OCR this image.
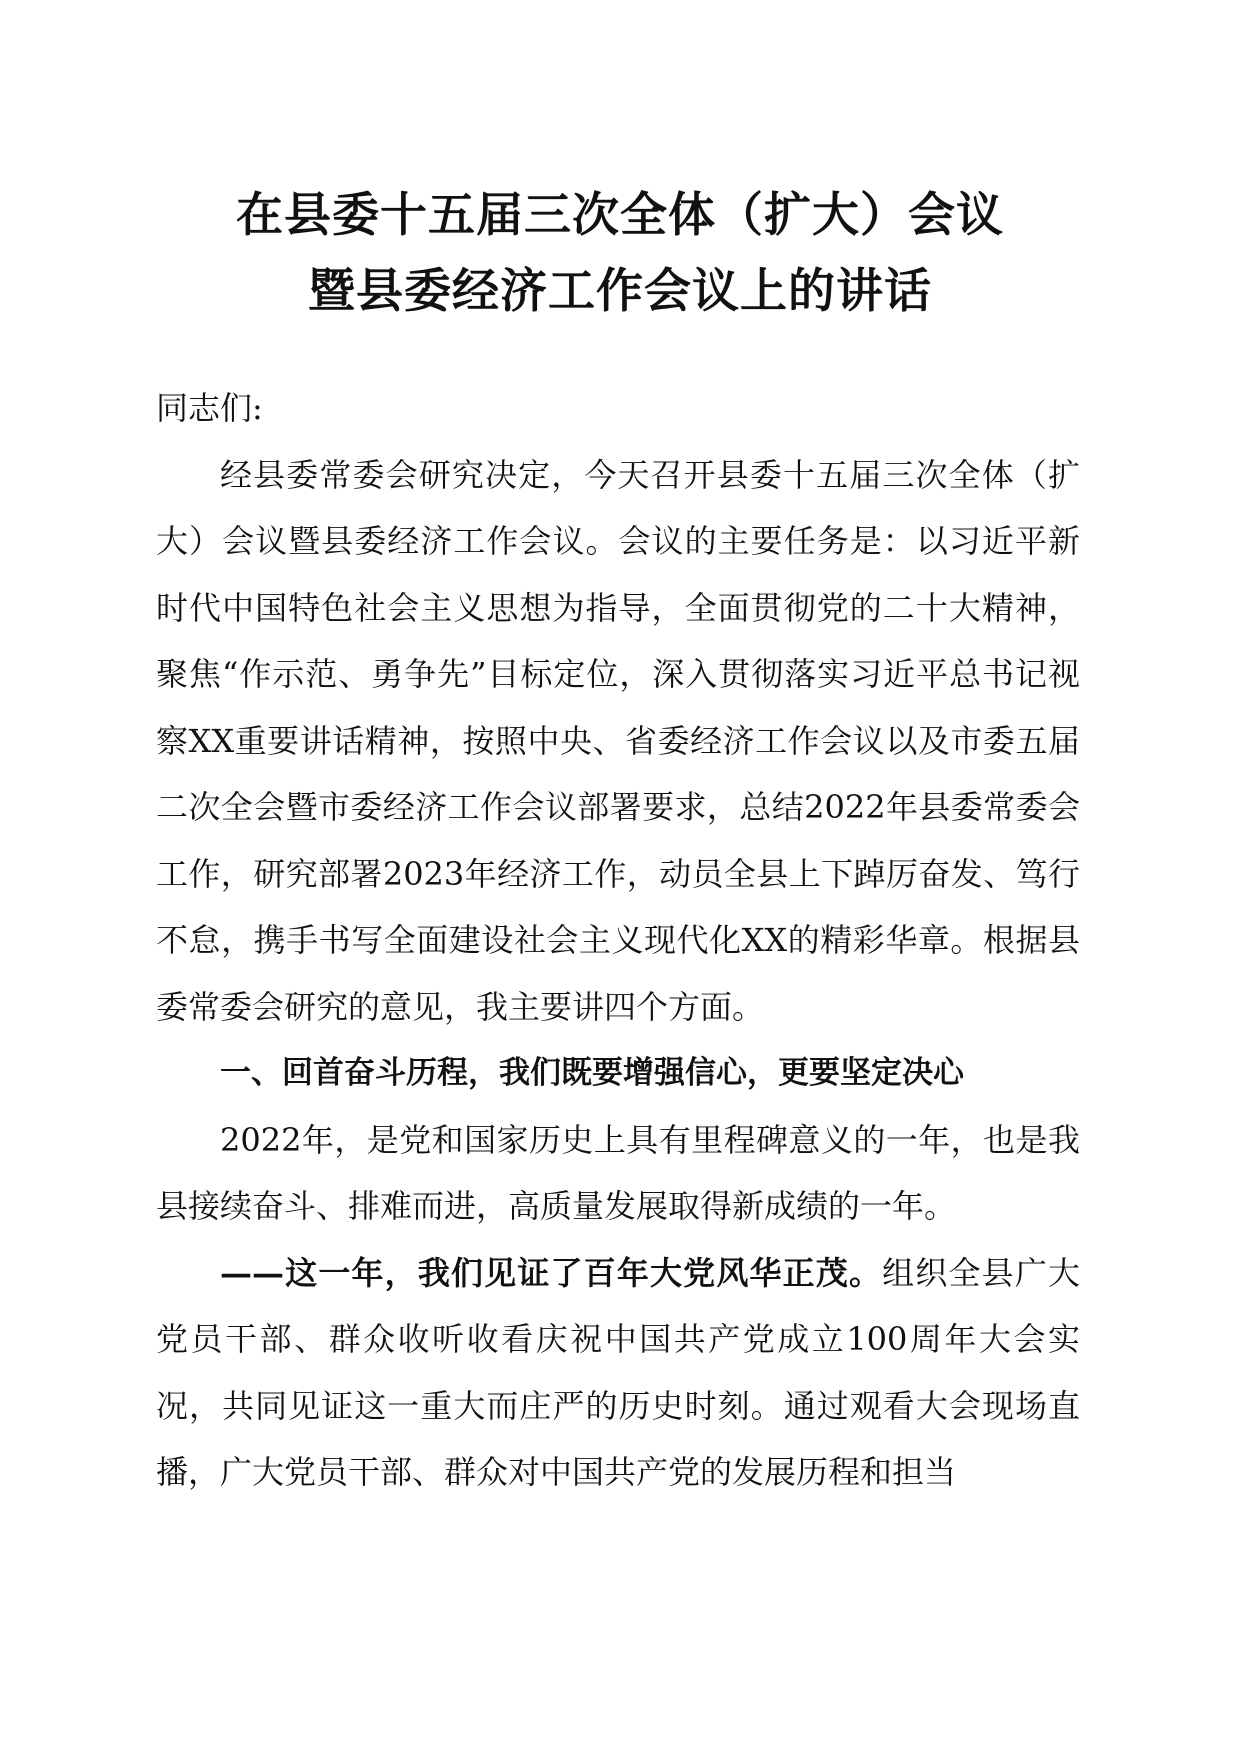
在县委十五届三次全体（扩大）会议
暨县委经济工作会议上的讲话

同志们:

经县委常委会研究决定，今天召开县委十五届三次全体（扩大）会议暨县委经济工作会议。会议的主要任务是：以习近平新时代中国特色社会主义思想为指导，全面贯彻党的二十大精神，聚焦“作示范、勇争先”目标定位，深入贯彻落实习近平总书记视察XX重要讲话精神，按照中央、省委经济工作会议以及市委五届二次全会暨市委经济工作会议部署要求，总结2022年县委常委会工作，研究部署2023年经济工作，动员全县上下踔厉奋发、笃行不怠，携手书写全面建设社会主义现代化XX的精彩华章。根据县委常委会研究的意见，我主要讲四个方面。

一、回首奋斗历程，我们既要增强信心，更要坚定决心

2022年，是党和国家历史上具有里程碑意义的一年，也是我县接续奋斗、排难而进，高质量发展取得新成绩的一年。

——这一年，我们见证了百年大党风华正茂。组织全县广大党员干部、群众收听收看庆祝中国共产党成立100周年大会实况，共同见证这一重大而庄严的历史时刻。通过观看大会现场直播，广大党员干部、群众对中国共产党的发展历程和担当
